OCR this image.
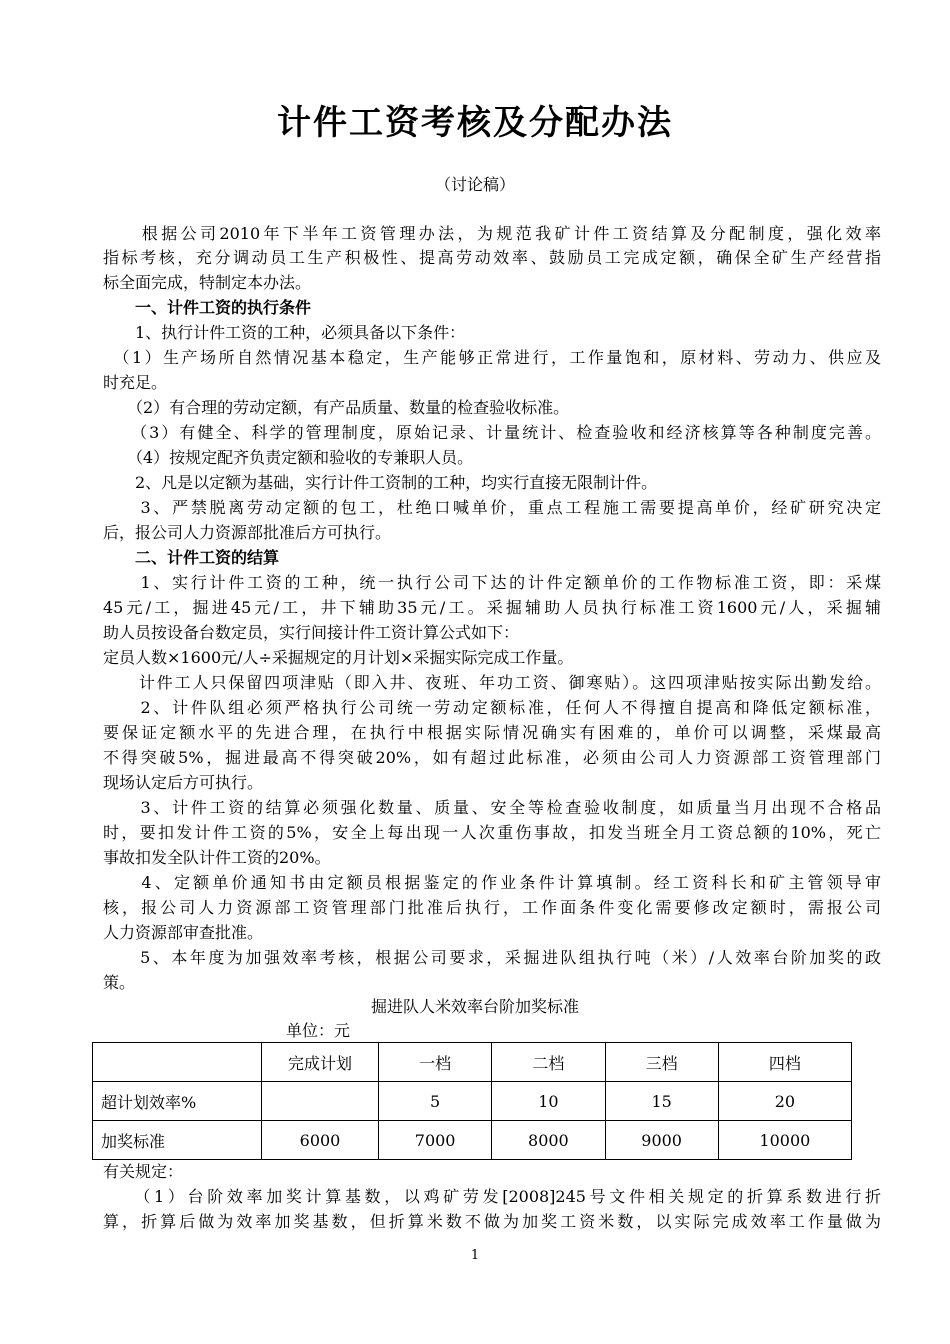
计件工资考核及分配办法
（讨论稿）
　　根据公司2010年下半年工资管理办法，为规范我矿计件工资结算及分配制度，强化效率
指标考核，充分调动员工生产积极性、提高劳动效率、鼓励员工完成定额，确保全矿生产经营指
标全面完成，特制定本办法。
　　一、计件工资的执行条件
　　1、执行计件工资的工种，必须具备以下条件：
　（1）生产场所自然情况基本稳定，生产能够正常进行，工作量饱和，原材料、劳动力、供应及
时充足。
　　（2）有合理的劳动定额，有产品质量、数量的检查验收标准。
　　（3）有健全、科学的管理制度，原始记录、计量统计、检查验收和经济核算等各种制度完善。
　　（4）按规定配齐负责定额和验收的专兼职人员。
　　2、凡是以定额为基础，实行计件工资制的工种，均实行直接无限制计件。
　　3、严禁脱离劳动定额的包工，杜绝口喊单价，重点工程施工需要提高单价，经矿研究决定
后，报公司人力资源部批准后方可执行。
　　二、计件工资的结算
　　1、实行计件工资的工种，统一执行公司下达的计件定额单价的工作物标准工资，即：采煤
45元/工，掘进45元/工，井下辅助35元/工。采掘辅助人员执行标准工资1600元/人，采掘辅
助人员按设备台数定员，实行间接计件工资计算公式如下：
定员人数×1600元/人÷采掘规定的月计划×采掘实际完成工作量。
　　计件工人只保留四项津贴（即入井、夜班、年功工资、御寒贴）。这四项津贴按实际出勤发给。
　　2、计件队组必须严格执行公司统一劳动定额标准，任何人不得擅自提高和降低定额标准，
要保证定额水平的先进合理，在执行中根据实际情况确实有困难的，单价可以调整，采煤最高
不得突破5%，掘进最高不得突破20%，如有超过此标准，必须由公司人力资源部工资管理部门
现场认定后方可执行。
　　3、计件工资的结算必须强化数量、质量、安全等检查验收制度，如质量当月出现不合格品
时，要扣发计件工资的5%，安全上每出现一人次重伤事故，扣发当班全月工资总额的10%，死亡
事故扣发全队计件工资的20%。
　　4、定额单价通知书由定额员根据鉴定的作业条件计算填制。经工资科长和矿主管领导审
核，报公司人力资源部工资管理部门批准后执行，工作面条件变化需要修改定额时，需报公司
人力资源部审查批准。
　　5、本年度为加强效率考核，根据公司要求，采掘进队组执行吨（米）/人效率台阶加奖的政
策。
掘进队人米效率台阶加奖标准
单位：元
	完成计划	一档	二档	三档	四档
超计划效率%		5	10	15	20
加奖标准	6000	7000	8000	9000	10000
有关规定：
　　（1）台阶效率加奖计算基数，以鸡矿劳发[2008]245号文件相关规定的折算系数进行折
算，折算后做为效率加奖基数，但折算米数不做为加奖工资米数，以实际完成效率工作量做为
1
